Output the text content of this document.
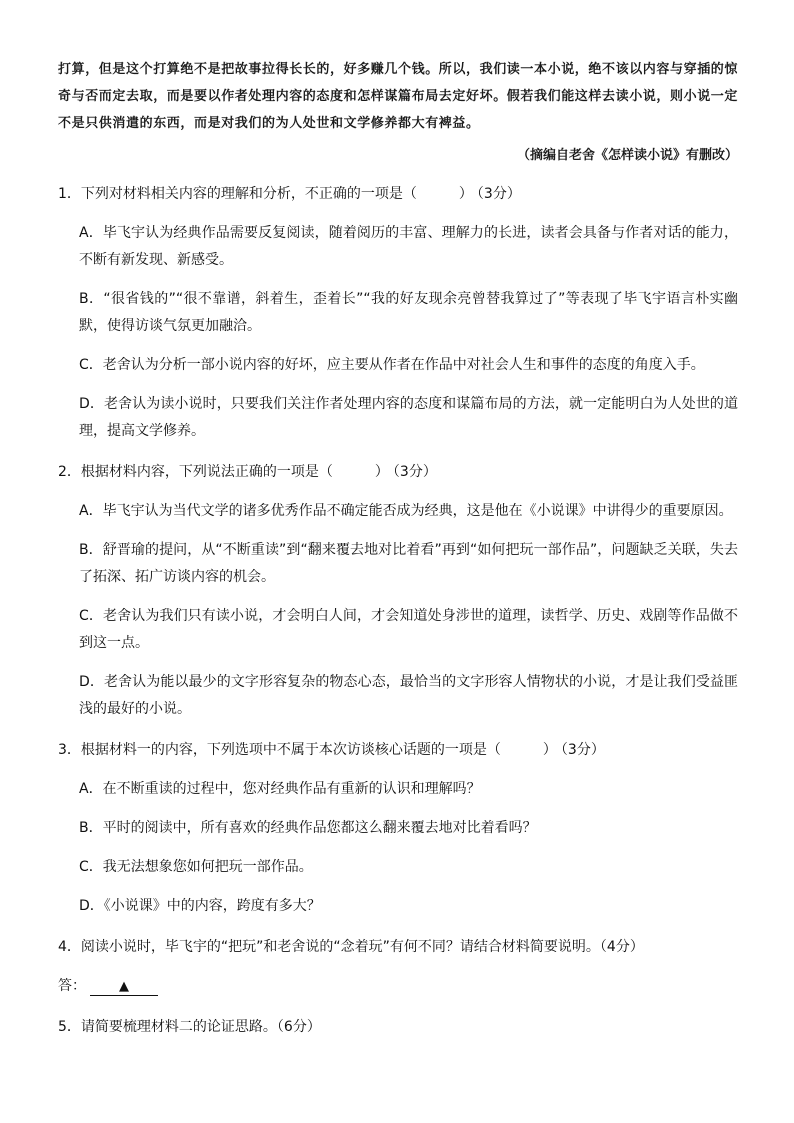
打算，但是这个打算绝不是把故事拉得长长的，好多赚几个钱。所以，我们读一本小说，绝不该以内容与穿插的惊奇与否而定去取，而是要以作者处理内容的态度和怎样谋篇布局去定好坏。假若我们能这样去读小说，则小说一定不是只供消遣的东西，而是对我们的为人处世和文学修养都大有裨益。
（摘编自老舍《怎样读小说》有删改）
1．下列对材料相关内容的理解和分析，不正确的一项是（	） （3分）
A．毕飞宇认为经典作品需要反复阅读，随着阅历的丰富、理解力的长进，读者会具备与作者对话的能力，不断有新发现、新感受。
B．“很省钱的”“很不靠谱，斜着生，歪着长”“我的好友现余亮曾替我算过了”等表现了毕飞宇语言朴实幽默，使得访谈气氛更加融洽。
C．老舍认为分析一部小说内容的好坏，应主要从作者在作品中对社会人生和事件的态度的角度入手。
D．老舍认为读小说时，只要我们关注作者处理内容的态度和谋篇布局的方法，就一定能明白为人处世的道理，提高文学修养。
2．根据材料内容，下列说法正确的一项是（	） （3分）
A．毕飞宇认为当代文学的诸多优秀作品不确定能否成为经典，这是他在《小说课》中讲得少的重要原因。
B．舒晋瑜的提问，从“不断重读”到“翻来覆去地对比着看”再到“如何把玩一部作品”，问题缺乏关联，失去了拓深、拓广访谈内容的机会。
C．老舍认为我们只有读小说，才会明白人间，才会知道处身涉世的道理，读哲学、历史、戏剧等作品做不到这一点。
D．老舍认为能以最少的文字形容复杂的物态心态，最恰当的文字形容人情物状的小说，才是让我们受益匪浅的最好的小说。
3．根据材料一的内容，下列选项中不属于本次访谈核心话题的一项是（	） （3分）
A．在不断重读的过程中，您对经典作品有重新的认识和理解吗？
B．平时的阅读中，所有喜欢的经典作品您都这么翻来覆去地对比着看吗？
C．我无法想象您如何把玩一部作品。
D．《小说课》中的内容，跨度有多大？
4．阅读小说时，毕飞宇的“把玩”和老舍说的“念着玩”有何不同？请结合材料简要说明。（4分）
答：	▲
5．请简要梳理材料二的论证思路。（6分）
